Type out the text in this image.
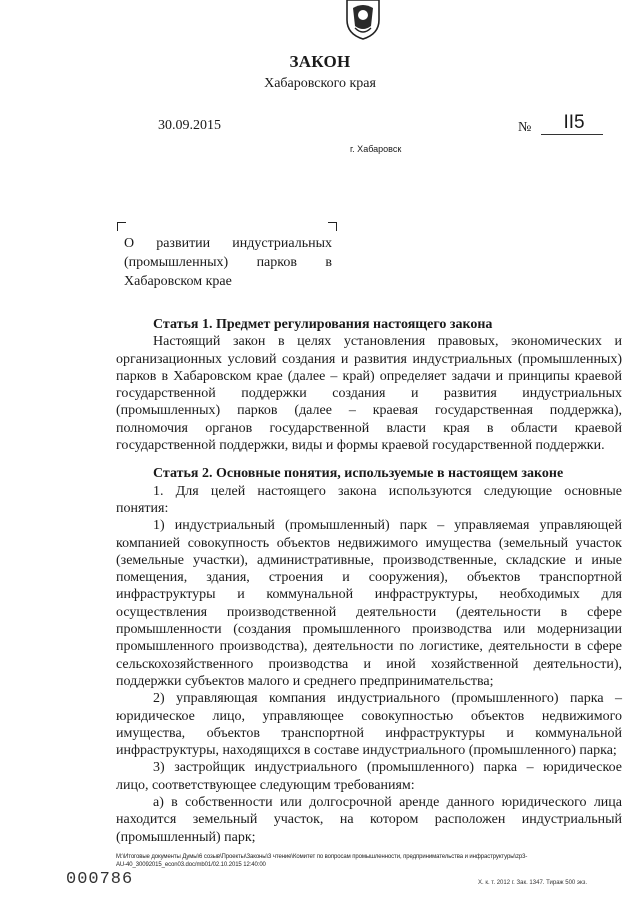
ЗАКОН
Хабаровского края
30.09.2015	№	II5
г. Хабаровск
О развитии индустриальных
(промышленных) парков в
Хабаровском крае
Статья 1. Предмет регулирования настоящего закона

Настоящий закон в целях установления правовых, экономических и

организационных условий создания и развития индустриальных (промышленных)

парков в Хабаровском крае (далее – край) определяет задачи и принципы краевой

государственной поддержки создания и развития индустриальных

(промышленных) парков (далее – краевая государственная поддержка),

полномочия органов государственной власти края в области краевой

государственной поддержки, виды и формы краевой государственной поддержки.

Статья 2. Основные понятия, используемые в настоящем законе

1. Для целей настоящего закона используются следующие основные

понятия:

1) индустриальный (промышленный) парк – управляемая управляющей

компанией совокупность объектов недвижимого имущества (земельный участок

(земельные участки), административные, производственные, складские и иные

помещения, здания, строения и сооружения), объектов транспортной

инфраструктуры и коммунальной инфраструктуры, необходимых для

осуществления производственной деятельности (деятельности в сфере

промышленности (создания промышленного производства или модернизации

промышленного производства), деятельности по логистике, деятельности в сфере

сельскохозяйственного производства и иной хозяйственной деятельности),

поддержки субъектов малого и среднего предпринимательства;

2) управляющая компания индустриального (промышленного) парка –

юридическое лицо, управляющее совокупностью объектов недвижимого

имущества, объектов транспортной инфраструктуры и коммунальной

инфраструктуры, находящихся в составе индустриального (промышленного) парка;

3) застройщик индустриального (промышленного) парка – юридическое

лицо, соответствующее следующим требованиям:

а) в собственности или долгосрочной аренде данного юридического лица

находится земельный участок, на котором расположен индустриальный

(промышленный) парк;

M:\Итоговые документы Думы\6 созыв\Проекты\Законы\3 чтение\Комитет по вопросам промышленности, предпринимательства и инфраструктуры\zp3-
AU-40_30092015_econ03.doc/mb01/02.10.2015 12:40:00
000786	Х. к. т. 2012 г. Зак. 1347. Тираж 500 экз.
